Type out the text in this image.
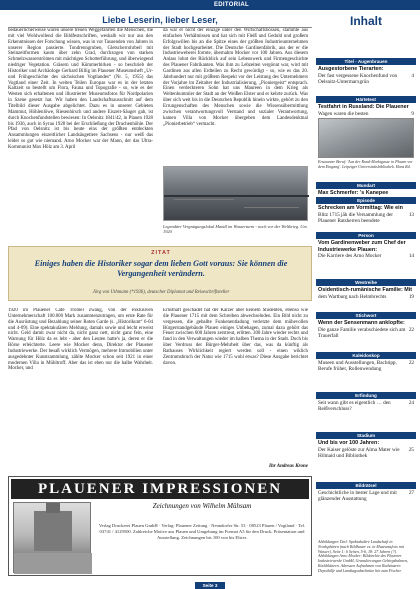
EDITORIAL
Liebe Leserin, lieber Leser,
bedauerlicherweise waren unsere treuen Weggefährten die Menschen, die mit viel Wohlwollend die Bildfestschriften, weshalb wir nur aus den Erkenntnissen der Forschung wissen, was in vor Tausenden von Jahren in unserer Region passierte. Tondrenngruben, Gletscherrohrbeil mit Steinzeitformen kaum über zehn Grad, durchzogen von starken Schmelzwasserströmen mit mächtigen Schotterführung, und überwiegend niedriger Vegetation. Gräsern und Kümmerbirken - so beschrieb der Historiker und Archäologe Gerhard Billig im Plauener Museumsheft „Ur- und Frühgeschichte des sächsischen Vogtlandes“ (Nr. 5, 1955) das Vogtland einer Zeit. In weiten Teilen Europas war es in der letzten Kaltzeit so bestellt um Flora, Fauna und Topografie - so, wie es der Westen sich erhaltenen und illustrierter Museumsfotos für Nordpolarien in Szene gesetzt hat. Wir haben den Landschaftsausschnitt auf dem Titelbild dieser Ausgabe abgelichtet. Dazu es in unserer Gebieten Mammut, Höhlenlöwe, Riesenhirsch und andere Eiszeit-Säuger gab, ist durch Knochenfundstellen bewiesen: In Oelsnitz 1841/42, in Plauen 1928 bis 1936, auch in Syrau 1928 bei der Erschließung der Drachenhöhle. Der Pfad von Oelsnitz ist bis heute eins der größten entdeckten Ansammlungen eiszeitlicher Landsäugetiere Sachsens - nur weiß das leider so gut wie niemand. Arno Mocker war der Mann, der das Ultra-Kommunist Max Hölz am 3. April
da war er nicht der einzige unter den Wirtschaftsbossen, stammte aus einfachen Verhältnissen und hat sich mit Fleiß und Geduld und großem Erfolgswillen bis an die Spitze eines der größten Industrieunternehmen der Stadt hochgearbeitet. Die Deutsche Gardinenfabrik, aus der er die Industrieweberei formte, übernahm Mocker vor 100 Jahren. Aus diesem Anlass lohnt der Rückblick auf sein Lebenswerk und Firmengeschichte des Plauener Fabrikanten. Was ihm zu Lebzeiten vergönnt war, wird mit Gardinen aus allen Erdteilen zu Recht gewürdigt - so, wie es das 20. Jahrhundert nur mit größtem Respekt vor der Leistung des Unternehmers der Vorjahre im Zeitalter der Industrialisierung, „Pioniergeist“ entsprach. Einen verdeckteren Sohn hat uns Maureen in dem Krieg als Weltenbummler der Stadt an der Weißen Elster und er kehrte zurück. Was über sich weit bis in die Deutschen Republik hinein wirkte, gehört zu den Errungenschaften des Menschen sowie die Wissensübermittlung zwischen verantwortungsvoll Verstand und sozialer Verantwortung, kamen Villa von Mocker übergeben dem Landesdenkmal „Pionierbetrieb“ vermacht.
Legendäre Vergnügungslokal Mandl im Wasserturm - noch vor der Weltkrieg. Um 1920
ZITAT
Einiges haben die Historiker sogar dem lieben Gott voraus: Sie können die Vergangenheit verändern.
Jörg von Uthmann (*1936), deutscher Diplomat und Reiseschriftsteller
1920 im Plauener Café Trömel zwang, von der exklusiven Unternehmerschaft 100.000 Mark zusammenzutragen, um erste Rate für die Ausrüstung und Bezahlung seiner Roten Garde (s. „Historikum“ 6-04 und 4-09). Eine spektakulären Meldung, damals sowie und leicht erweist nicht. Geld damit zwar nicht da, nicht ganz nett, nicht ganz fein, eine Warnung für Hölz da es lebt - aber den Leuten hatte's ja, deren er die Börse erleichterte. Leere wie Mocker denn, Direktor der Plauener Industriewerke. Der besaß wirklich Vermögen, mehrere Immobilien unter ausgedehnter Kunstsammlung, zählte Mocker schon seit 1921 in einer modernen Villa in Mühltroff. Aber das ist eben nur die halbe Wahrheit. Mocker, und
Ernsthaft geschadet hat der Karzer aber keinem Studenten, ebenso wie die Plauener 1715 mit dem Schreiben abwechselnden. Ein Bild nicht zu vergessen, die geballte Funkenentladung verletzte dem mühevollen Bürgerstandgebäude Plauen einiges Unbehagen, zumal dazu gehört das Feuer zwischen 600 Jahren zerstreut, erlitten. 300 Jahre wieder rechts und fand in den Verwaltungen wieder im halben Thema in der Stadt. Doch bis über Verdruss der Bürger-Mehrheit über das, was da künftig als Rathauses Wirklichkeit regiert werden soll - einen wiklich Zentrumsbruch der Natur wie 1715 wohl etwas? Diese Ausgabe berichtet davon.
Ihr Andreas Krone
PLAUENER IMPRESSIONEN
Zeichnungen von Wilhelm Mühsam
Verlag Druckerei Plauen GmbH · Verlag: Plauener Zeitung · Neundorfer Str. 53 · 08523 Plauen / Vogtland · Tel. 03741 / 4129500. Zahlreiche Motive aus Plauen und Umgebung im Format A5 für den Druck, Präsentation und Ausstellung. Zeichnungen bis 100 von bis Elster.
Inhalt
Titel - Augenbrauen
Ausgestorbene Tierarten:
4
Der fast vergessene Knochenfund von Oelsnitz-Untermarxgrün
Härtetest
Testfahrt in Russland: Die Plauener
9
Wagen waren die besten
Mundart
Max Schmerfer: 's Kanepee
Episode
Schrecken am Vormittag: Wie ein
13
Blitz 1715 jäh die Versammlung der Plauener Ratsherren beendete
Person
Vom Gardinenweber zum Chef der Industriewerke Plauen:
14
Die Karriere des Arno Mocker
Westreihe
Osidentisch-rumänische Familie: Mit
19
dem Wartburg nach Helmbrechts
Stichwort
Wenn der Sensenmann anklopfte:
22
Die ganze Familie verabschiedete sich am Trauerfall
Kaleidoskop
22
Museen und Ausstellungen, Bachtipp, Berufe früher, Rollenwendung
Erfindung
24
Seit wann gibt es eigentlich … den Reißverschluss?
Stadium
Und bis vor 100 Jahren:
25
Der Kaiser gelöste zur Alma Mater wie Hilmaid und Bibliothek
Bildrätsel
27
Geschichtliche in bester Lage und mit glänzender Ausstattung
Erstaunter Beruf: 'Aus der Rund-Marktgasse in Plauen vor dem Eingang'. Leipziger Universitätsbibliothek. Hans Rd.
Abbildungen Titel: Spektakuläre Landschaft in Nordsphären (nach Bildhauer vs. in Museumsfoto mit Wasser), Seite 1: 6 Seiten, 5-6, 18: 27 Jahren (?). Abbildungen Arno Mocker: Bildarchiv des Plauener Industriewerke GmbH, Granulierungen Gebirgsbahnen, Rückblättern. Adressen Aufnahmen von Rathäusern Depothilfe und Landtagsabschnitte hin zum Fischer.
Seite 3
